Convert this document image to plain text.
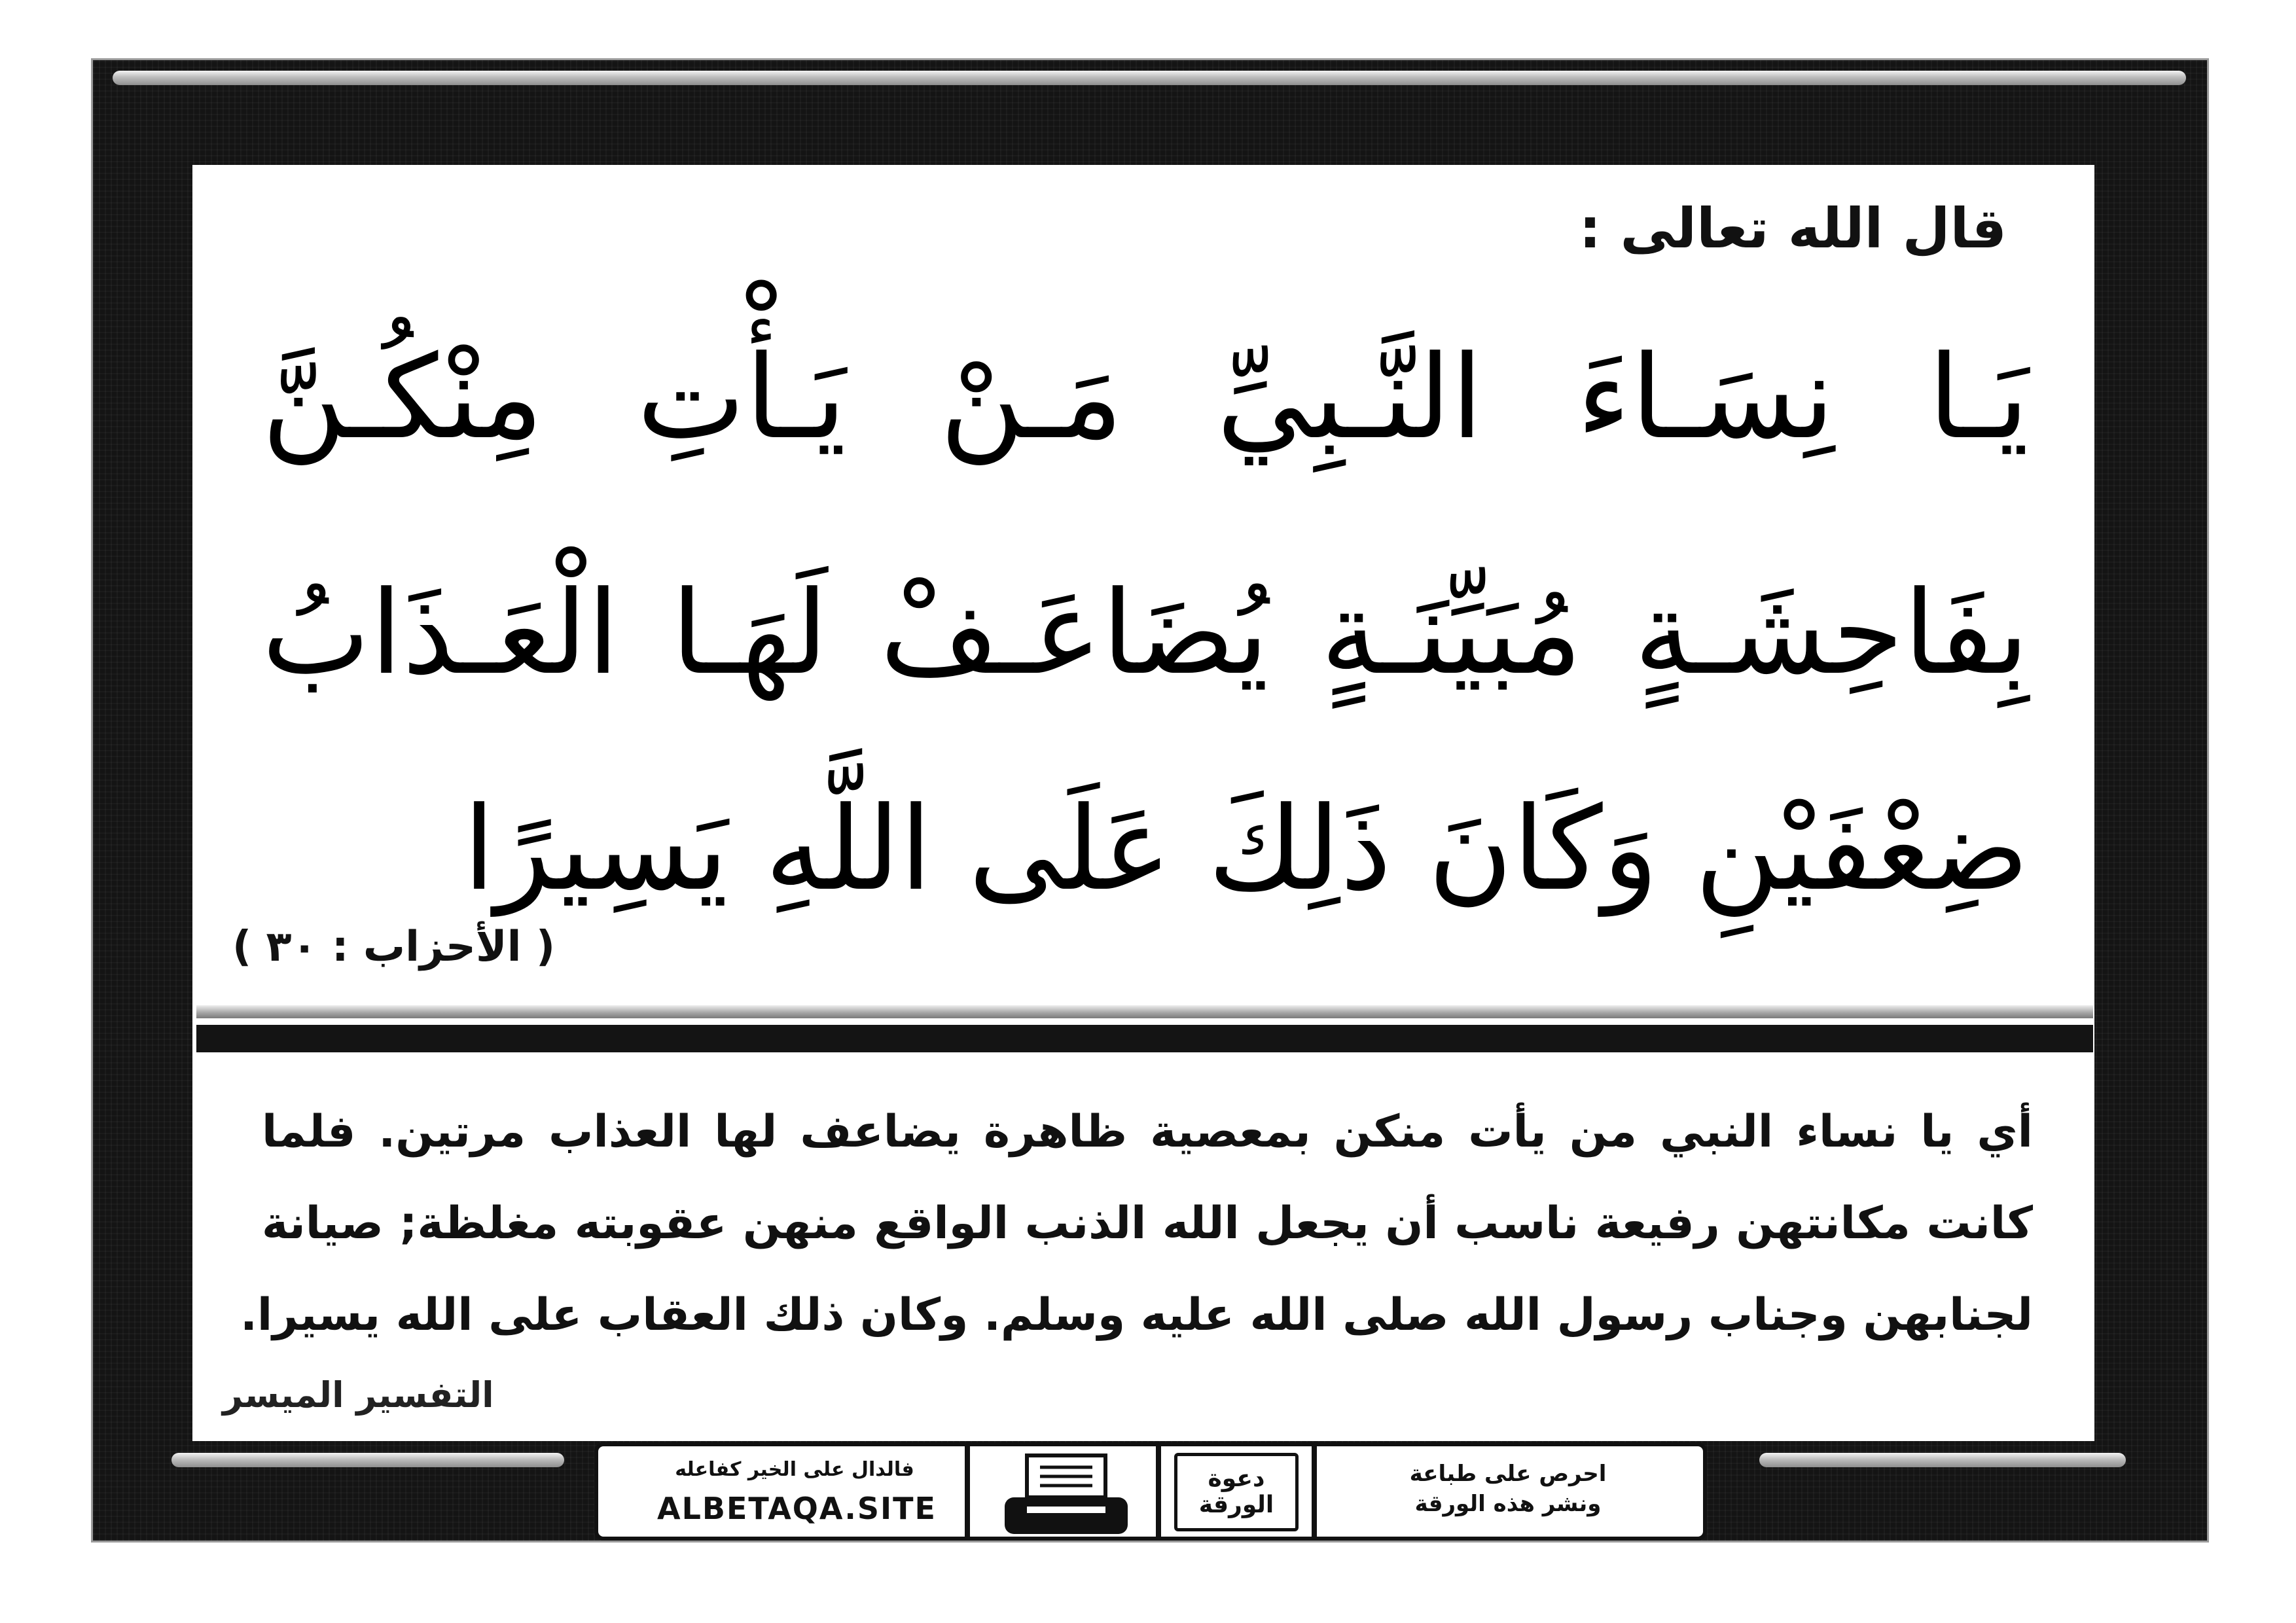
قال الله تعالى :
يَـا نِسَـاءَ النَّـبِيِّ مَـنْ يَـأْتِ مِنْكُـنَّ
بِفَاحِشَـةٍ مُبَيِّنَـةٍ يُضَاعَـفْ لَهَـا الْعَـذَابُ
ضِعْفَيْنِ وَكَانَ ذَلِكَ عَلَى اللَّهِ يَسِيرًا
( الأحزاب : ٣٠ )
أي يا نساء النبي من يأت منكن بمعصية ظاهرة يضاعف لها العذاب مرتين. فلما
كانت مكانتهن رفيعة ناسب أن يجعل الله الذنب الواقع منهن عقوبته مغلظة; صيانة
لجنابهن وجناب رسول الله صلى الله عليه وسلم. وكان ذلك العقاب على الله يسيرا.
التفسير الميسر
فالدال على الخير كفاعله
ALBETAQA.SITE
دعوة
الورقة
احرص على طباعة
ونشر هذه الورقة
